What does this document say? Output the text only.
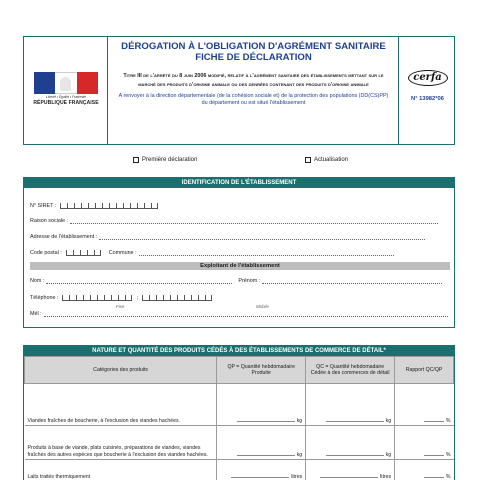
Liberté • Égalité • Fraternité
RÉPUBLIQUE FRANÇAISE
DÉROGATION À L'OBLIGATION D'AGRÉMENT SANITAIRE
FICHE DE DÉCLARATION
Titre III de l'arrêté du 8 juin 2006 modifié, relatif à l'agrément sanitaire des établissements mettant sur le marché des produits d'origine animale ou des denrées contenant des produits d'origine animale
A renvoyer à la direction départementale (de la cohésion sociale et) de la protection des populations (DD(CS)PP) du département ou est situé l'établissement
cerfa
N° 13982*06
Première déclaration	Actualisation
IDENTIFICATION DE L'ÉTABLISSEMENT
N° SIRET :
Raison sociale :
Adresse de l'établissement :
Code postal :	Commune :
Exploitant de l'établissement
Nom :	Prénom :
Téléphone :	;
Fixe	Mobile
Mél :
NATURE ET QUANTITÉ DES PRODUITS CÉDÉS À DES ÉTABLISSEMENTS DE COMMERCE DE DÉTAIL*
Catégories des produits	QP = Quantité hebdomadaire Produite	QC = Quantité hebdomadaire Cédée à des commerces de détail	Rapport QC/QP
Viandes fraîches de boucherie, à l'exclusion des viandes hachées.	kg	kg	%
Produits à base de viande, plats cuisinés, préparations de viandes, viandes fraîches des autres espèces que boucherie à l'exclusion des viandes hachées.	kg	kg	%
Laits traités thermiquement	litres	litres	%
